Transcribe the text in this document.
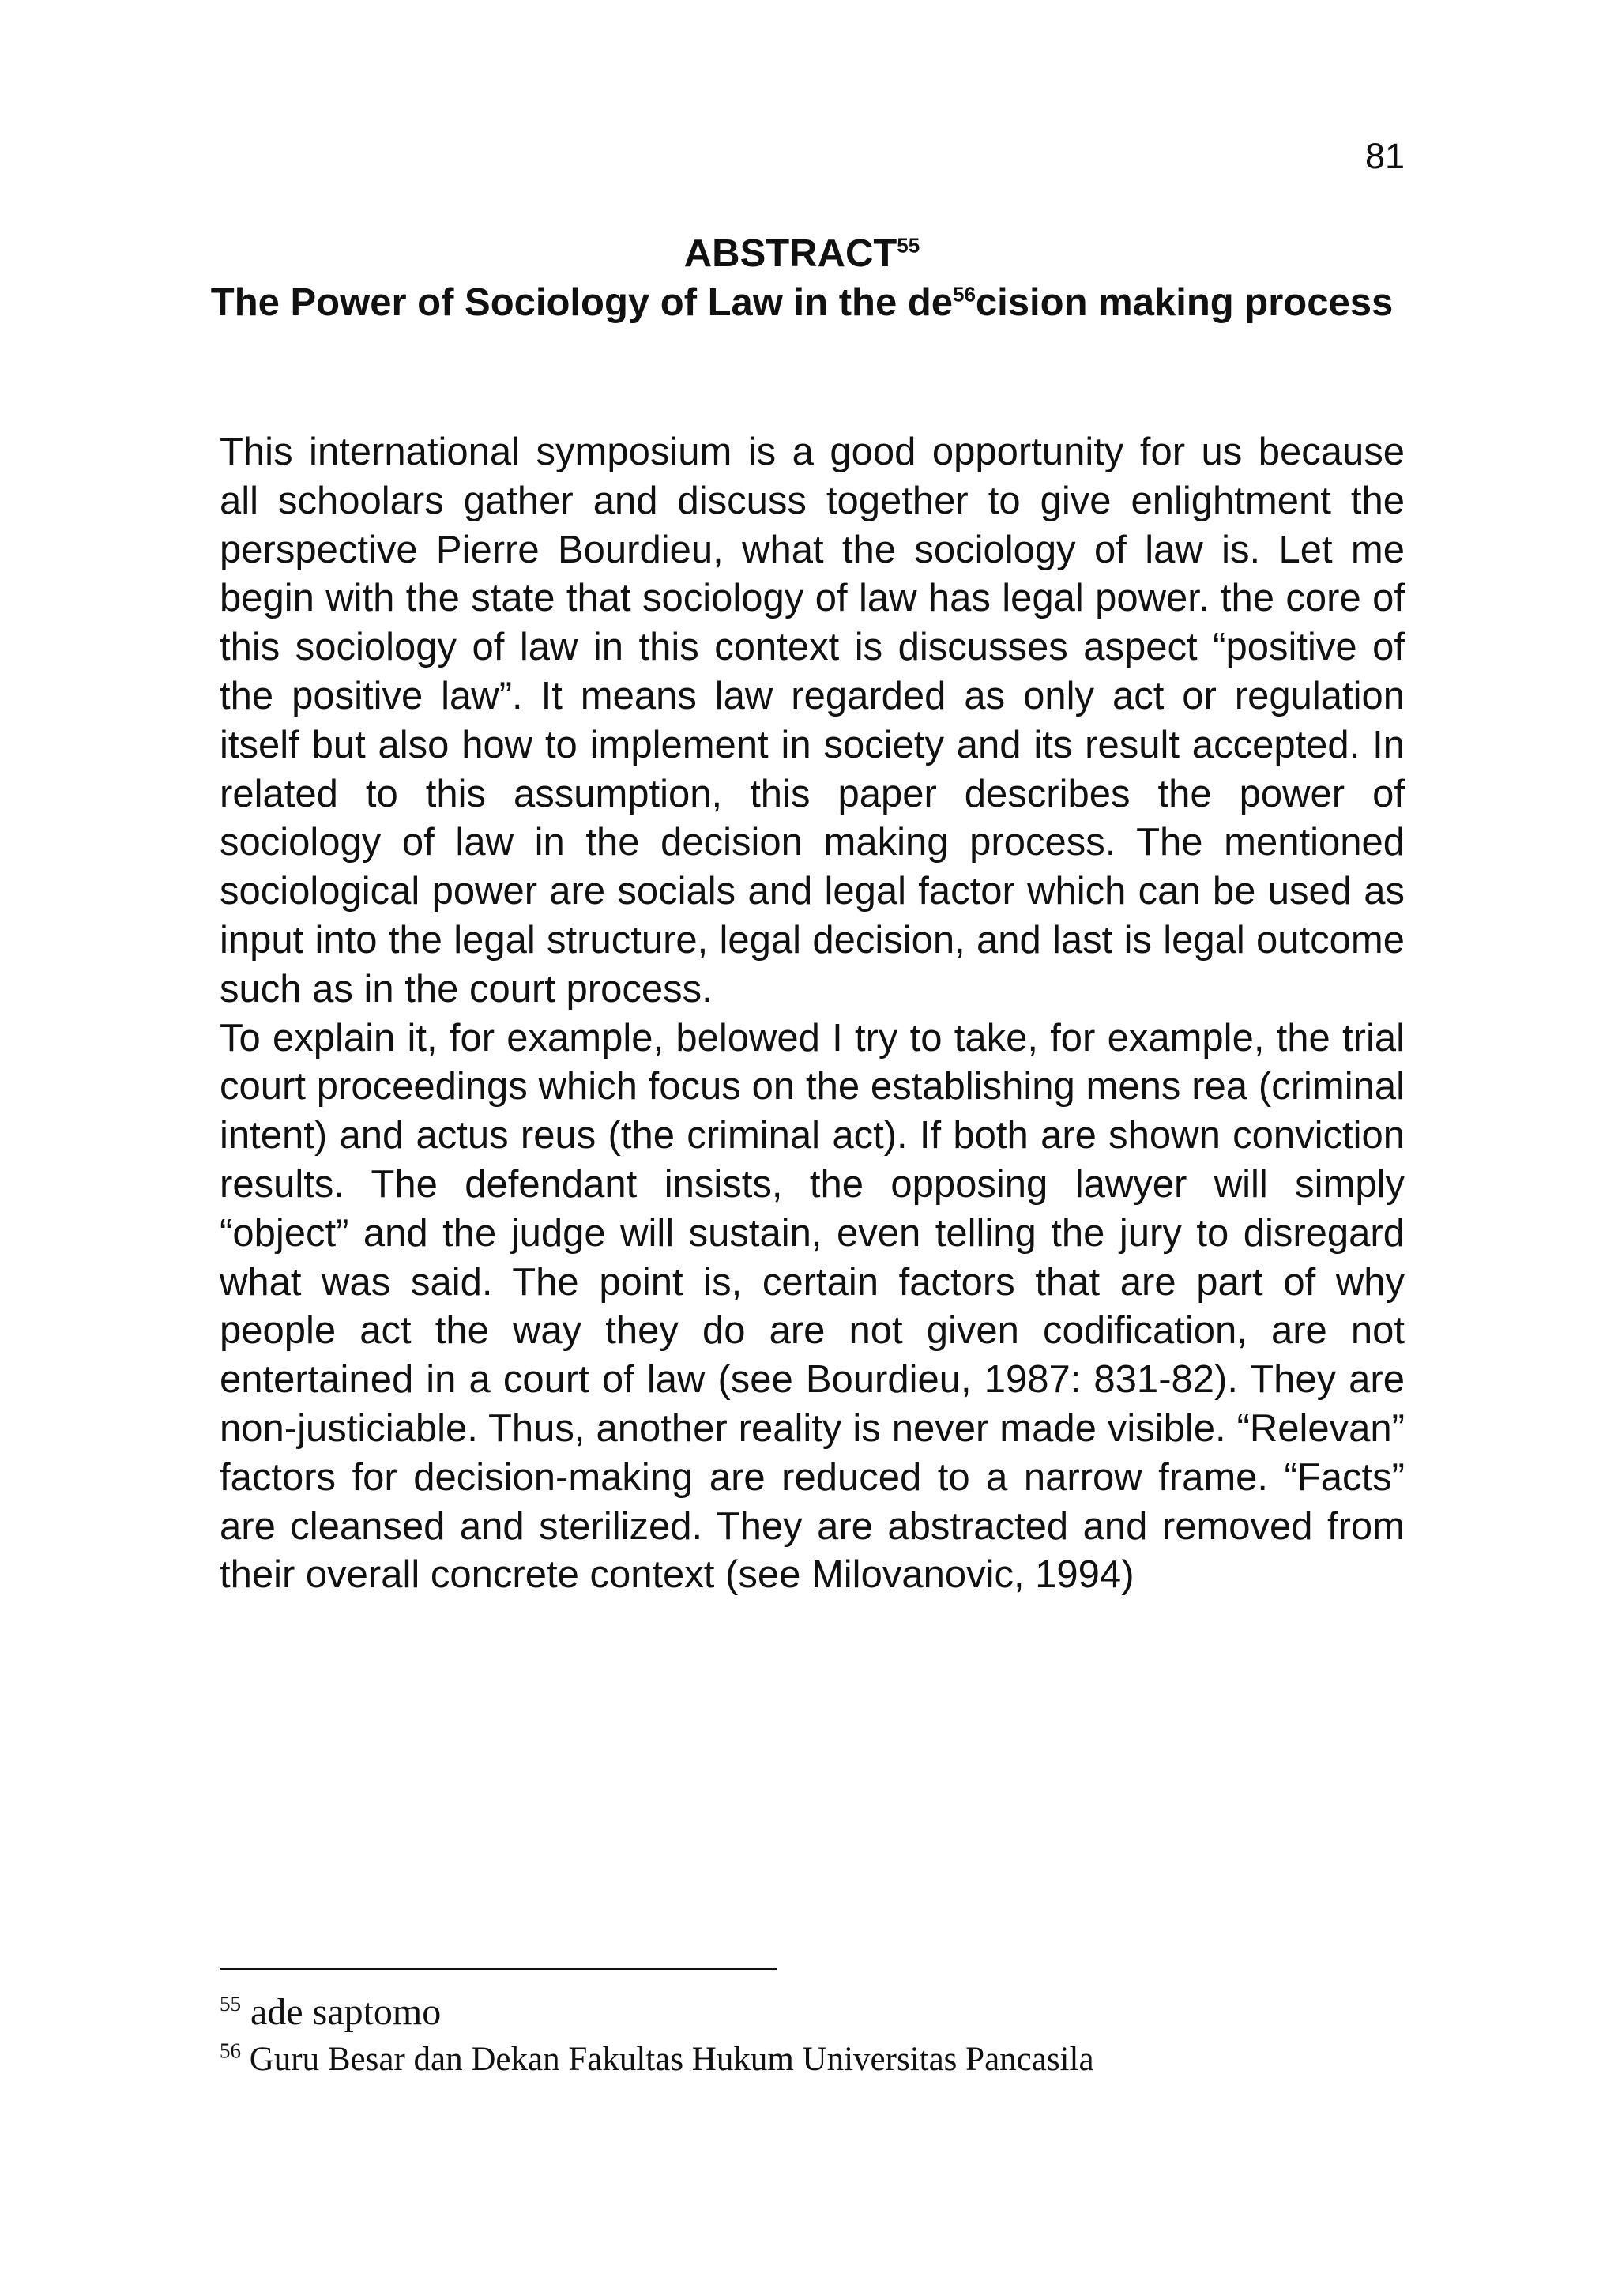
81
ABSTRACT$^{55}$
The Power of Sociology of Law in the $de^{56}cision$ making process

This international symposium is a good opportunity for us because all schoolars gather and discuss together to give enlightment the perspective Pierre Bourdieu, what the sociology of law is. Let me begin with the state that sociology of law has legal power. the core of this sociology of law in this context is discusses aspect “positive of the positive law”. It means law regarded as only act or regulation itself but also how to implement in society and its result accepted. In related to this assumption, this paper describes the power of sociology of law in the decision making process. The mentioned sociological power are socials and legal factor which can be used as input into the legal structure, legal decision, and last is legal outcome such as in the court process.

To explain it, for example, belowed I try to take, for example, the trial court proceedings which focus on the establishing mens rea (criminal intent) and actus reus (the criminal act). If both are shown conviction results. The defendant insists, the opposing lawyer will simply “object” and the judge will sustain, even telling the jury to disregard what was said. The point is, certain factors that are part of why people act the way they do are not given codification, are not entertained in a court of law (see Bourdieu, 1987: 831-82). They are non-justiciable. Thus, another reality is never made visible. “Relevan” factors for decision-making are reduced to a narrow frame. “Facts” are cleansed and sterilized. They are abstracted and removed from their overall concrete context (see Milovanovic, 1994)

$^{55}$ ade saptomo

$^{56}$ Guru Besar dan Dekan Fakultas Hukum Universitas Pancasila
